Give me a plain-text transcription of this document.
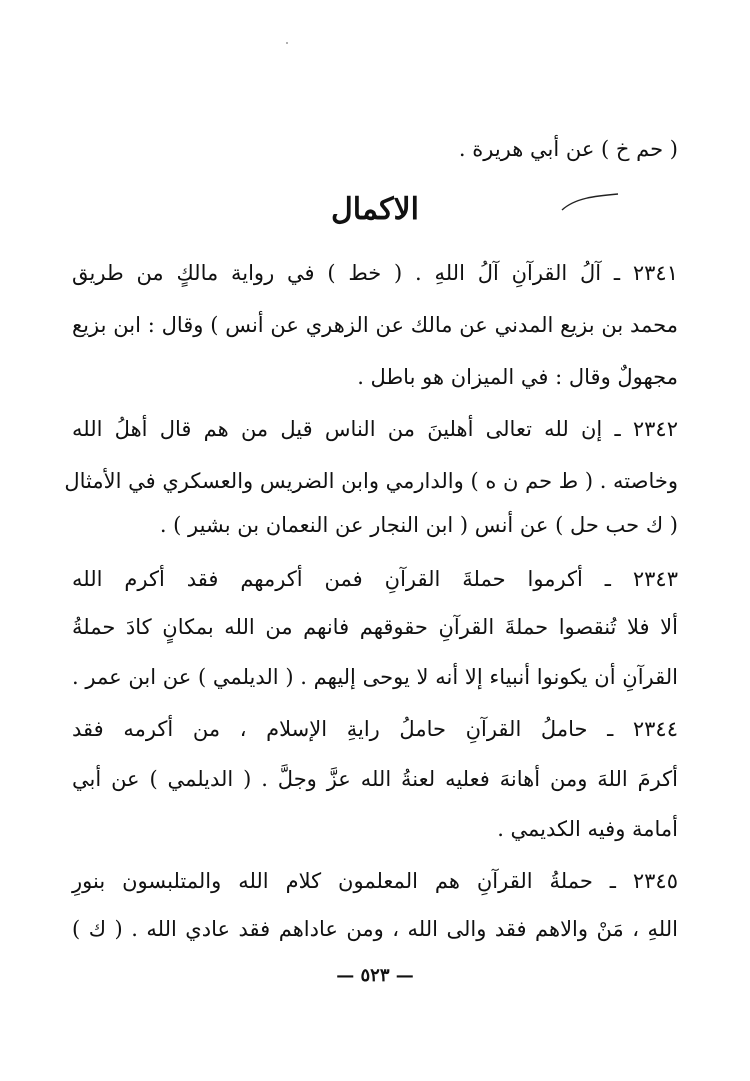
( حم خ ) عن أبي هريرة .
الاكمال
٢٣٤١ ـ آلُ القرآنِ آلُ اللهِ . ( خط ) في رواية مالكٍ من طريق
محمد بن بزيع المدني عن مالك عن الزهري عن أنس ) وقال : ابن بزيع
مجهولٌ وقال : في الميزان هو باطل .
٢٣٤٢ ـ إن لله تعالى أهلينَ من الناس قيل من هم قال أهلُ الله
وخاصته . ( ط حم ن ه ) والدارمي وابن الضريس والعسكري في الأمثال
( ك حب حل ) عن أنس ( ابن النجار عن النعمان بن بشير ) .
٢٣٤٣ ـ أكرموا حملةَ القرآنِ فمن أكرمهم فقد أكرم الله
ألا فلا تُنقصوا حملةَ القرآنِ حقوقهم فانهم من الله بمكانٍ كادَ حملةُ
القرآنِ أن يكونوا أنبياء إلا أنه لا يوحى إليهم . ( الديلمي ) عن ابن عمر .
٢٣٤٤ ـ حاملُ القرآنِ حاملُ رايةِ الإسلام ، من أكرمه فقد
أكرمَ اللهَ ومن أهانهَ فعليه لعنةُ الله عزَّ وجلَّ . ( الديلمي ) عن أبي
أمامة وفيه الكديمي .
٢٣٤٥ ـ حملةُ القرآنِ هم المعلمون كلام الله والمتلبسون بنورِ
اللهِ ، مَنْ والاهم فقد والى الله ، ومن عاداهم فقد عادي الله . ( ك )
— ٥٢٣ —
